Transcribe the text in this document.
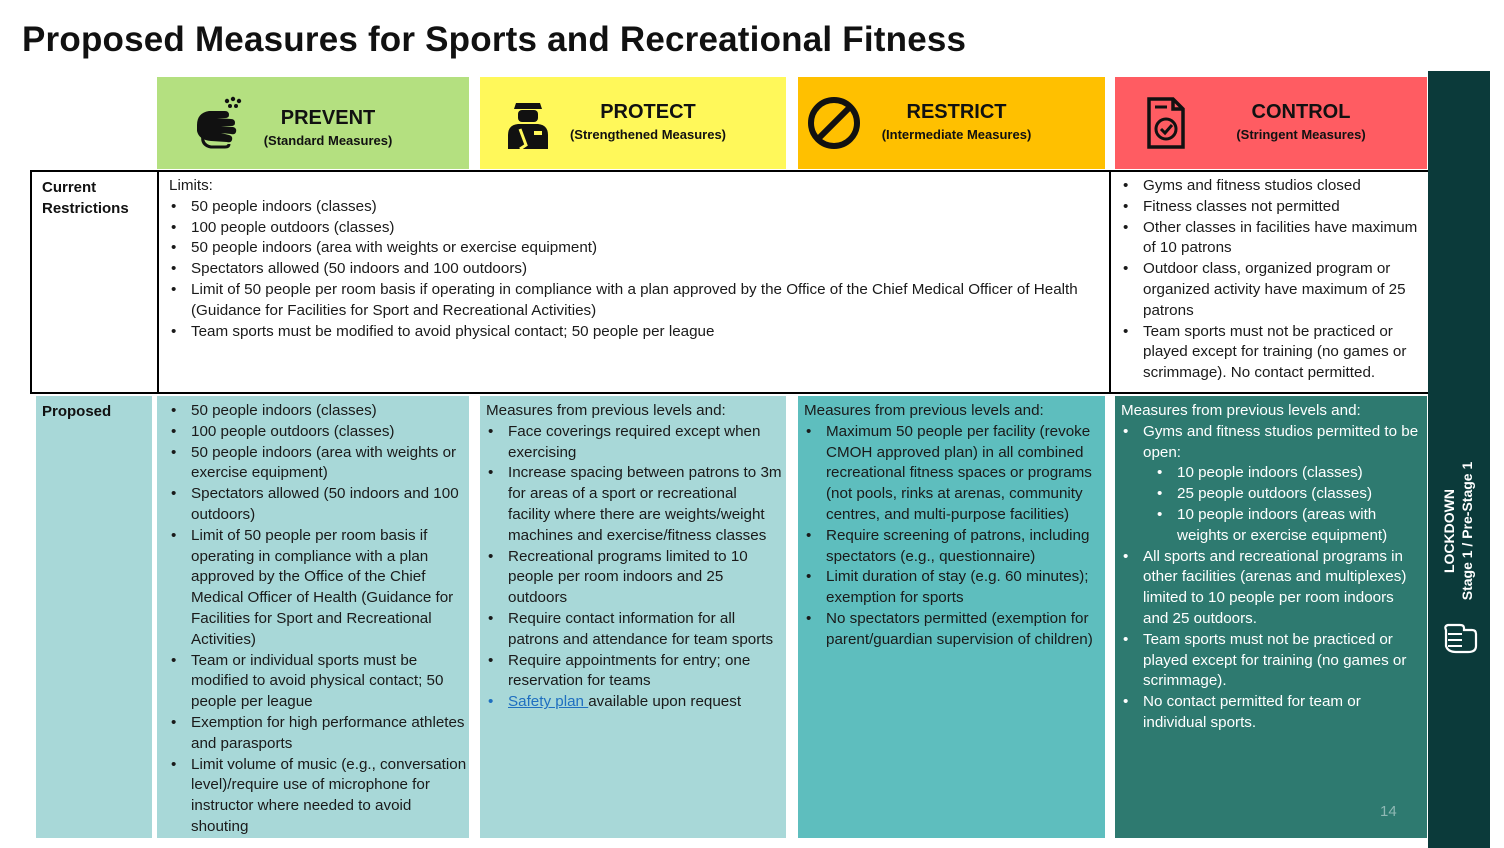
Proposed Measures for Sports and Recreational Fitness
PREVENT
(Standard Measures)
PROTECT
(Strengthened Measures)
RESTRICT
(Intermediate Measures)
CONTROL
(Stringent Measures)
Current
Restrictions
Limits:
• 50 people indoors (classes)
• 100 people outdoors (classes)
• 50 people indoors (area with weights or exercise equipment)
• Spectators allowed (50 indoors and 100 outdoors)
• Limit of 50 people per room basis if operating in compliance with a plan approved by the Office of the Chief Medical Officer of Health (Guidance for Facilities for Sport and Recreational Activities)
• Team sports must be modified to avoid physical contact; 50 people per league
• Gyms and fitness studios closed
• Fitness classes not permitted
• Other classes in facilities have maximum of 10 patrons
• Outdoor class, organized program or organized activity have maximum of 25 patrons
• Team sports must not be practiced or played except for training (no games or scrimmage). No contact permitted.
Proposed
•	50 people indoors (classes)
• 100 people outdoors (classes)
• 50 people indoors (area with weights or exercise equipment)
• Spectators allowed (50 indoors and 100 outdoors)
• Limit of 50 people per room basis if operating in compliance with a plan approved by the Office of the Chief Medical Officer of Health (Guidance for Facilities for Sport and Recreational Activities)
• Team or individual sports must be modified to avoid physical contact; 50 people per league
• Exemption for high performance athletes and parasports
• Limit volume of music (e.g., conversation level)/require use of microphone for instructor where needed to avoid shouting
Measures from previous levels and:
• Face coverings required except when exercising
• Increase spacing between patrons to 3m for areas of a sport or recreational facility where there are weights/weight machines and exercise/fitness classes
• Recreational programs limited to 10 people per room indoors and 25 outdoors
• Require contact information for all patrons and attendance for team sports
• Require appointments for entry; one reservation for teams
• Safety plan available upon request
Measures from previous levels and:
• Maximum 50 people per facility (revoke CMOH approved plan) in all combined recreational fitness spaces or programs (not pools, rinks at arenas, community centres, and multi-purpose facilities)
• Require screening of patrons, including spectators (e.g., questionnaire)
• Limit duration of stay (e.g. 60 minutes); exemption for sports
• No spectators permitted (exemption for parent/guardian supervision of children)
Measures from previous levels and:
• Gyms and fitness studios permitted to be open:
• 10 people indoors (classes)
• 25 people outdoors (classes)
• 10 people indoors (areas with weights or exercise equipment)
• All sports and recreational programs in other facilities (arenas and multiplexes) limited to 10 people per room indoors and 25 outdoors.
• Team sports must not be practiced or played except for training (no games or scrimmage).
• No contact permitted for team or individual sports.
14
LOCKDOWN Stage 1 / Pre-Stage 1
